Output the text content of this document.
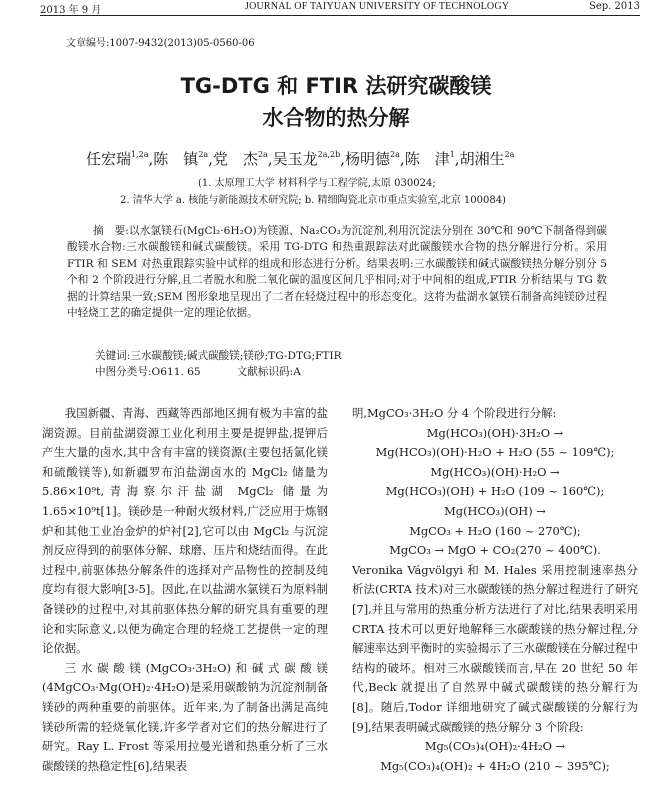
2013 年 9 月	JOURNAL OF TAIYUAN UNIVERSITY OF TECHNOLOGY	Sep. 2013
文章编号:1007-9432(2013)05-0560-06
TG-DTG 和 FTIR 法研究碳酸镁
水合物的热分解
任宏瑞$^{1,2a}$,陈　镇$^{2a}$,党　杰$^{2a}$,吴玉龙$^{2a,2b}$,杨明德$^{2a}$,陈　津$^1$,胡湘生$^{2a}$
(1. 太原理工大学 材料科学与工程学院,太原 030024;
2. 清华大学 a. 核能与新能源技术研究院; b. 精细陶瓷北京市重点实验室,北京 100084)
摘　要:以水氯镁石(MgCl₂·6H₂O)为镁源、Na₂CO₃为沉淀剂,利用沉淀法分别在 30℃和 90℃下制备得到碳酸镁水合物:三水碳酸镁和碱式碳酸镁。采用 TG-DTG 和热重跟踪法对此碳酸镁水合物的热分解进行分析。采用 FTIR 和 SEM 对热重跟踪实验中试样的组成和形态进行分析。结果表明:三水碳酸镁和碱式碳酸镁热分解分别分 5 个和 2 个阶段进行分解,且二者脱水和脱二氧化碳的温度区间几乎相同;对于中间相的组成,FTIR 分析结果与 TG 数据的计算结果一致;SEM 图形象地呈现出了二者在轻烧过程中的形态变化。这将为盐湖水氯镁石制备高纯镁砂过程中轻烧工艺的确定提供一定的理论依据。
关键词:三水碳酸镁;碱式碳酸镁;镁砂;TG-DTG;FTIR
中图分类号:O611. 65	文献标识码:A

我国新疆、青海、西藏等西部地区拥有极为丰富的盐湖资源。目前盐湖资源工业化利用主要是提钾盐,提钾后产生大量的卤水,其中含有丰富的镁资源(主要包括氯化镁和硫酸镁等),如新疆罗布泊盐湖卤水的 MgCl₂ 储量为 5.86×10⁹t,青海察尔汗盐湖 MgCl₂ 储量为 1.65×10⁹t[1]。镁砂是一种耐火级材料,广泛应用于炼钢炉和其他工业冶金炉的炉衬[2],它可以由 MgCl₂ 与沉淀剂反应得到的前驱体分解、球磨、压片和烧结而得。在此过程中,前驱体热分解条件的选择对产品物性的控制及纯度均有很大影响[3-5]。因此,在以盐湖水氯镁石为原料制备镁砂的过程中,对其前驱体热分解的研究具有重要的理论和实际意义,以便为确定合理的轻烧工艺提供一定的理论依据。

三水碳酸镁(MgCO₃·3H₂O)和碱式碳酸镁(4MgCO₃·Mg(OH)₂·4H₂O)是采用碳酸钠为沉淀剂制备镁砂的两种重要的前驱体。近年来,为了制备出满足高纯镁砂所需的轻烧氧化镁,许多学者对它们的热分解进行了研究。Ray L. Frost 等采用拉曼光谱和热重分析了三水碳酸镁的热稳定性[6],结果表

明,MgCO₃·3H₂O 分 4 个阶段进行分解:

Mg(HCO₃)(OH)·3H₂O →

Mg(HCO₃)(OH)·H₂O + H₂O (55 ~ 109℃);

Mg(HCO₃)(OH)·H₂O →

Mg(HCO₃)(OH) + H₂O (109 ~ 160℃);

Mg(HCO₃)(OH) →

MgCO₃ + H₂O (160 ~ 270℃);

MgCO₃ → MgO + CO₂(270 ~ 400℃).

Veronika Vágvölgyi 和 M. Hales 采用控制速率热分析法(CRTA 技术)对三水碳酸镁的热分解过程进行了研究[7],并且与常用的热重分析方法进行了对比,结果表明采用 CRTA 技术可以更好地解释三水碳酸镁的热分解过程,分解速率达到平衡时的实验揭示了三水碳酸镁在分解过程中结构的破坏。相对三水碳酸镁而言,早在 20 世纪 50 年代,Beck 就提出了自然界中碱式碳酸镁的热分解行为[8]。随后,Todor 详细地研究了碱式碳酸镁的分解行为[9],结果表明碱式碳酸镁的热分解分 3 个阶段:

Mg₅(CO₃)₄(OH)₂·4H₂O →

Mg₅(CO₃)₄(OH)₂ + 4H₂O (210 ~ 395℃);
